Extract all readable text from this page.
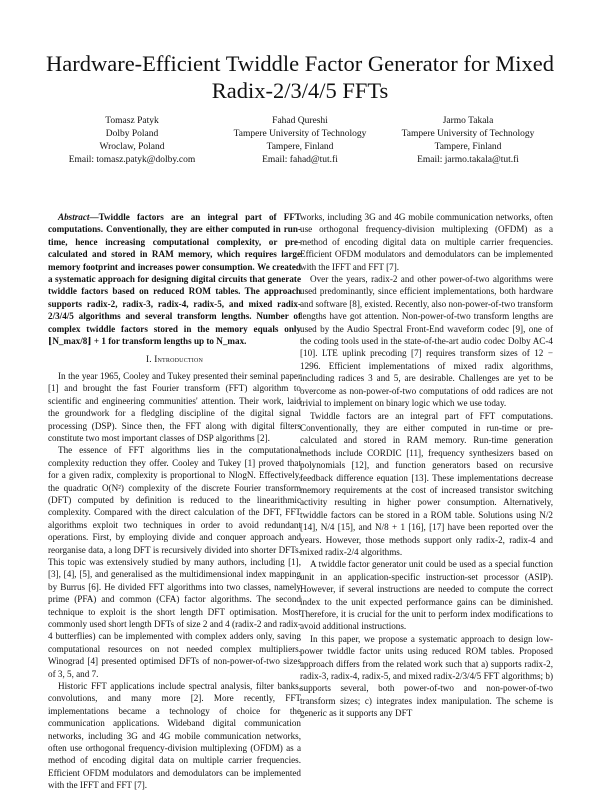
Hardware-Efficient Twiddle Factor Generator for Mixed Radix-2/3/4/5 FFTs
Tomasz Patyk
Dolby Poland
Wroclaw, Poland
Email: tomasz.patyk@dolby.com
Fahad Qureshi
Tampere University of Technology
Tampere, Finland
Email: fahad@tut.fi
Jarmo Takala
Tampere University of Technology
Tampere, Finland
Email: jarmo.takala@tut.fi

Abstract—Twiddle factors are an integral part of FFT computations. Conventionally, they are either computed in run-time, hence increasing computational complexity, or pre-calculated and stored in RAM memory, which requires large memory footprint and increases power consumption. We created a systematic approach for designing digital circuits that generate twiddle factors based on reduced ROM tables. The approach supports radix-2, radix-3, radix-4, radix-5, and mixed radix-2/3/4/5 algorithms and several transform lengths. Number of complex twiddle factors stored in the memory equals only ⌊N_max/8⌋ + 1 for transform lengths up to N_max.

I. Introduction

In the year 1965, Cooley and Tukey presented their seminal paper [1] and brought the fast Fourier transform (FFT) algorithm to scientific and engineering communities' attention. Their work, laid the groundwork for a fledgling discipline of the digital signal processing (DSP). Since then, the FFT along with digital filters constitute two most important classes of DSP algorithms [2].

The essence of FFT algorithms lies in the computational complexity reduction they offer. Cooley and Tukey [1] proved that for a given radix, complexity is proportional to NlogN. Effectively, the quadratic O(N²) complexity of the discrete Fourier transform (DFT) computed by definition is reduced to the linearithmic complexity. Compared with the direct calculation of the DFT, FFT algorithms exploit two techniques in order to avoid redundant operations. First, by employing divide and conquer approach and reorganise data, a long DFT is recursively divided into shorter DFTs. This topic was extensively studied by many authors, including [1], [3], [4], [5], and generalised as the multidimensional index mapping by Burrus [6]. He divided FFT algorithms into two classes, namely prime (PFA) and common (CFA) factor algorithms. The second technique to exploit is the short length DFT optimisation. Most commonly used short length DFTs of size 2 and 4 (radix-2 and radix-4 butterflies) can be implemented with complex adders only, saving computational resources on not needed complex multipliers. Winograd [4] presented optimised DFTs of non-power-of-two sizes of 3, 5, and 7.

Historic FFT applications include spectral analysis, filter banks, convolutions, and many more [2]. More recently, FFT implementations became a technology of choice for the communication applications. Wideband digital communication networks, including 3G and 4G mobile communication networks, often use orthogonal frequency-division multiplexing (OFDM) as a method of encoding digital data on multiple carrier frequencies. Efficient OFDM modulators and demodulators can be implemented with the IFFT and FFT [7].

works, including 3G and 4G mobile communication networks, often use orthogonal frequency-division multiplexing (OFDM) as a method of encoding digital data on multiple carrier frequencies. Efficient OFDM modulators and demodulators can be implemented with the IFFT and FFT [7].

Over the years, radix-2 and other power-of-two algorithms were used predominantly, since efficient implementations, both hardware and software [8], existed. Recently, also non-power-of-two transform lengths have got attention. Non-power-of-two transform lengths are used by the Audio Spectral Front-End waveform codec [9], one of the coding tools used in the state-of-the-art audio codec Dolby AC-4 [10]. LTE uplink precoding [7] requires transform sizes of 12 − 1296. Efficient implementations of mixed radix algorithms, including radices 3 and 5, are desirable. Challenges are yet to be overcome as non-power-of-two computations of odd radices are not trivial to implement on binary logic which we use today.

Twiddle factors are an integral part of FFT computations. Conventionally, they are either computed in run-time or pre-calculated and stored in RAM memory. Run-time generation methods include CORDIC [11], frequency synthesizers based on polynomials [12], and function generators based on recursive feedback difference equation [13]. These implementations decrease memory requirements at the cost of increased transistor switching activity resulting in higher power consumption. Alternatively, twiddle factors can be stored in a ROM table. Solutions using N/2 [14], N/4 [15], and N/8 + 1 [16], [17] have been reported over the years. However, those methods support only radix-2, radix-4 and mixed radix-2/4 algorithms.

A twiddle factor generator unit could be used as a special function unit in an application-specific instruction-set processor (ASIP). However, if several instructions are needed to compute the correct index to the unit expected performance gains can be diminished. Therefore, it is crucial for the unit to perform index modifications to avoid additional instructions.

In this paper, we propose a systematic approach to design low-power twiddle factor units using reduced ROM tables. Proposed approach differs from the related work such that a) supports radix-2, radix-3, radix-4, radix-5, and mixed radix-2/3/4/5 FFT algorithms; b) supports several, both power-of-two and non-power-of-two transform sizes; c) integrates index manipulation. The scheme is generic as it supports any DFT
